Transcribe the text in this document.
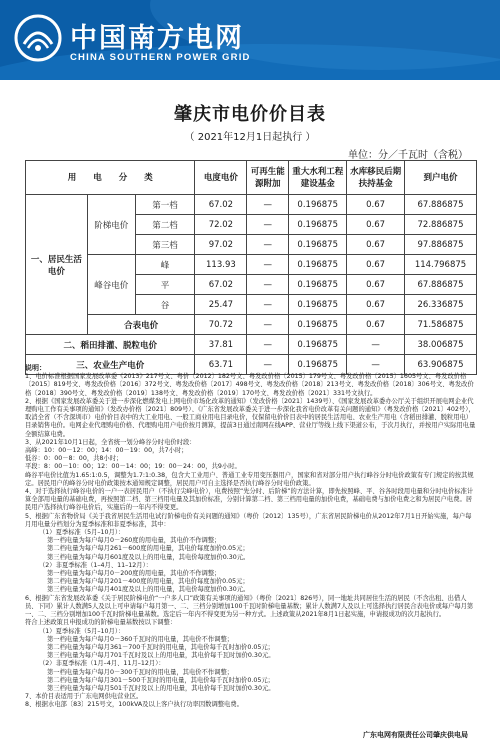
中国南方电网
CHINA SOUTHERN POWER GRID
肇庆市电价价目表
（ 2021年12月1日起执行 ）
单位：分／千瓦时（含税）
用　　电　　分　　类			电度电价	可再生能源附加	重大水利工程建设基金	水库移民后期扶持基金	到户电价
一、居民生活电价	阶梯电价	第一档	67.02	—	0.196875	0.67	67.886875
		第二档	72.02	—	0.196875	0.67	72.886875
		第三档	97.02	—	0.196875	0.67	97.886875
	峰谷电价	峰	113.93	—	0.196875	0.67	114.796875
		平	67.02	—	0.196875	0.67	67.886875
		谷	25.47	—	0.196875	0.67	26.336875
	合表电价		70.72	—	0.196875	0.67	71.586875
二、稻田排灌、脱粒电价			37.81	—	0.196875	—	38.006875
三、农业生产电价			63.71	—	0.196875	—	63.906875
说明：

1、电价标准根据国家发展改革委《2013》217号文、粤价〔2012〕182号文、粤发改价格〔2015〕179号文、粤发改价格〔2015〕1605号文、粤发改价格〔2015〕819号文、粤发改价格〔2016〕372号文、粤发改价格〔2017〕498号文、粤发改价格〔2018〕213号文、粤发改价格〔2018〕306号文、粤发改价格〔2018〕390号文、粤发改价格〔2019〕138号文、粤发改价格〔2019〕170号文、粤发改价格〔2021〕331号文执行。

2、根据《国家发展改革委关于进一步深化燃煤发电上网电价市场化改革的通知》（发改价格〔2021〕1439号）、《国家发展改革委办公厅关于组织开展电网企业代理购电工作有关事项的通知》（发改办价格〔2021〕809号）、《广东省发展改革委关于进一步深化我省电价改革有关问题的通知》（粤发改价格〔2021〕402号），取消全省（不含深圳市）电价价目表中的大工业用电、一般工商业用电目录电价，仅保留电价价目表中的居民生活用电、农业生产用电（含稻田排灌、脱粒用电）目录销售电价。电网企业代理购电价格、代理购电用户电价按月测算，提前3日通过南网在线APP、营业厅等线上线下渠道公布，于次月执行，并按用户实际用电量全额结算电费。

3、从2021年10月1日起，全省统一划分峰谷分时电价时段：

高峰：10：00－12：00；14：00－19：00，共7小时；

低谷：0：00－8：00，共8小时；

平段：8：00－10：00；12：00－14：00；19：00－24：00，共9小时。

峰谷平电价比值为1.65:1:0.5，调整为1.7:1:0.38，包含大工业用户、普通工业专用变压器用户，国家和省对部分用户执行峰谷分时电价政策有专门规定的按其规定。居民用户的峰谷分时电价政策按本通知规定调整，居民用户可自主选择是否执行峰谷分时电价政策。

4、对于选择执行峰谷电价的一户一表居民用户（不执行尖峰电价），电费按照“先分时、后阶梯”的方法计算，即先按照峰、平、谷各时段用电量和分时电价标准计算全部用电量的基础电费，再按照第二档、第三档用电量及其加价标准，分别计算第二档、第三档用电量的加价电费，基础电费与加价电费之和为居民户电费。居民用户选择执行峰谷电价后，实施后的一年内不得变更。

5、根据广东省物价局《关于我省居民生活用电试行阶梯电价有关问题的通知》（粤价〔2012〕135号），广东省居民阶梯电价从2012年7月1日开始实施，每户每月用电量分档划分为夏季标准和非夏季标准，其中：

（1）夏季标准（5月–10月）：

第一档电量为每户每月0－260度的用电量，其电价不作调整；

第二档电量为每户每月261－600度的用电量，其电价每度加价0.05元；

第三档电量为每户每月601度及以上的用电量，其电价每度加价0.30元。

（2）非夏季标准（1–4月、11–12月）：

第一档电量为每户每月0－200度的用电量，其电价不作调整；

第二档电量为每户每月201－400度的用电量，其电价每度加价0.05元；

第三档电量为每户每月401度及以上的用电量，其电价每度加价0.30元。

6、根据广东省发展改革委《关于居民阶梯电价“一户多人口”政策有关事项的通知》（粤价〔2021〕826号），同一地址共同居住生活的居民（不含出租、出借人员、下同）累计人数满5人及以上可申请每户每月第一、二、三档分别增加100千瓦时阶梯电量基数；累计人数满7人及以上可选择执行居民合表电价或每户每月第一、二、三档分别增加100千瓦时阶梯电量基数。选定后一年内不得变更为另一种方式。上述政策从2021年8月1日起实施，申请报成功的次月起执行。

符合上述政策且申报成功的阶梯电量基数按以下调整：

（1）夏季标准（5月–10月）：

第一档电量为每户每月0－360千瓦时的用电量，其电价不作调整；

第二档电量为每户每月361－700千瓦时的用电量，其电价每千瓦时加价0.05元；

第三档电量为每户每月701千瓦时及以上的用电量，其电价每千瓦时加价0.30元。

（2）非夏季标准（1月–4月、11月–12月）：

第一档电量为每户每月0－300千瓦时的用电量，其电价不作调整；

第二档电量为每户每月301－500千瓦时的用电量，其电价每千瓦时加价0.05元；

第三档电量为每户每月501千瓦时及以上的用电量，其电价每千瓦时加价0.30元。

7、本价目表适用于广东电网供电营业区。

8、根据水电部〔83〕215号文，100kVA及以上客户执行功率因数调整电费。

广东电网有限责任公司肇庆供电局
